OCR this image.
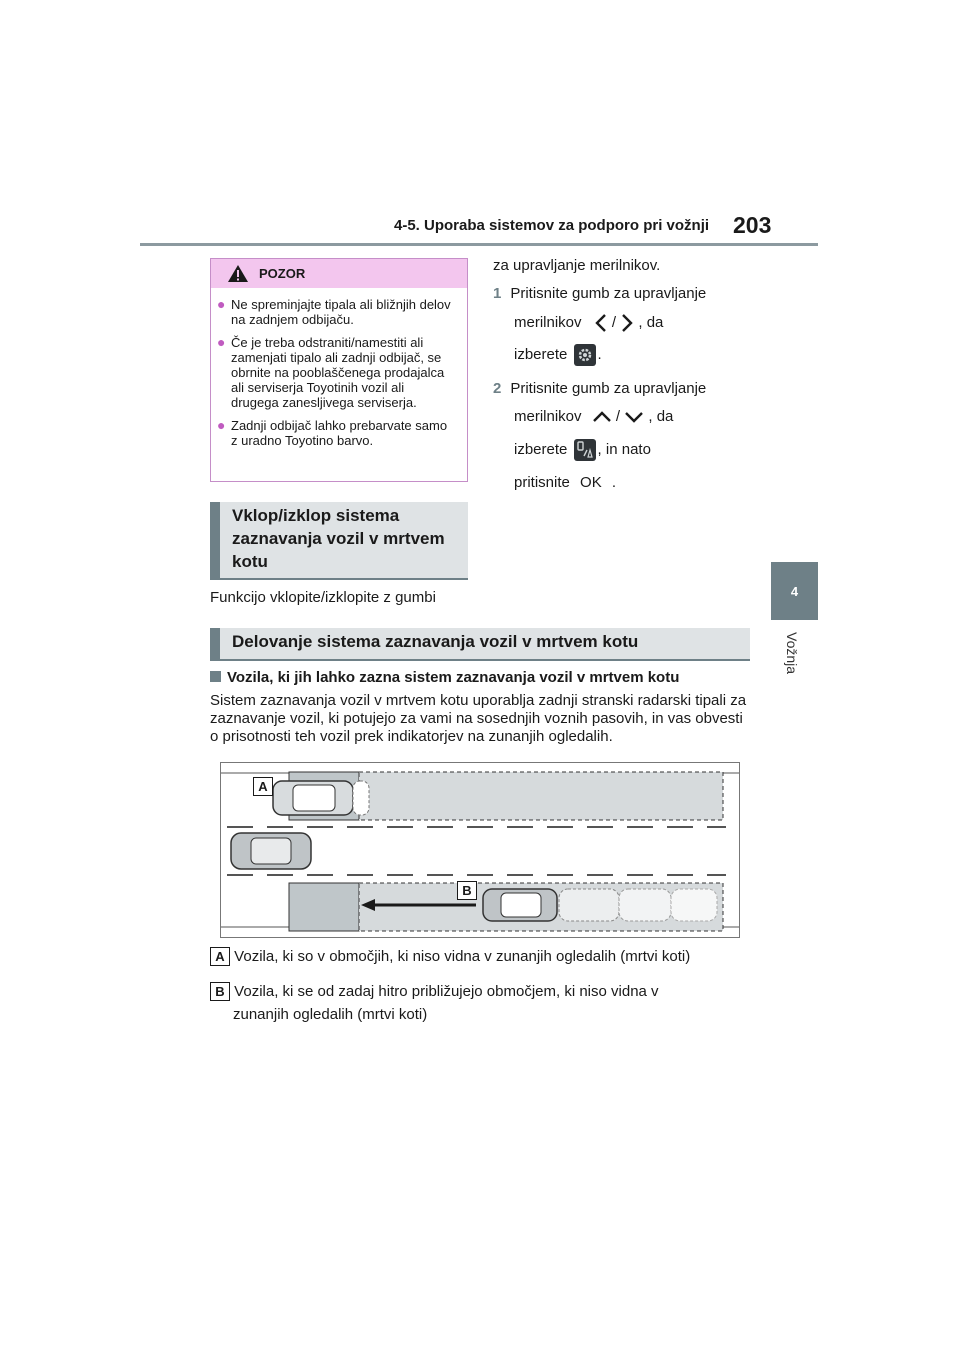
4-5. Uporaba sistemov za podporo pri vožnji 203
4
Vožnja
POZOR
● Ne spreminjajte tipala ali bližnjih delov na zadnjem odbijaču.
● Če je treba odstraniti/namestiti ali zamenjati tipalo ali zadnji odbijač, se obrnite na pooblaščenega prodajalca ali serviserja Toyotinih vozil ali drugega zanesljivega serviserja.
● Zadnji odbijač lahko prebarvate samo z uradno Toyotino barvo.
Vklop/izklop sistema zaznavanja vozil v mrtvem kotu
Funkcijo vklopite/izklopite z gumbi
za upravljanje merilnikov.
1 Pritisnite gumb za upravljanje
merilnikov / , da
izberete .
2 Pritisnite gumb za upravljanje
merilnikov / , da
izberete , in nato
pritisnite OK .
Delovanje sistema zaznavanja vozil v mrtvem kotu
Vozila, ki jih lahko zazna sistem zaznavanja vozil v mrtvem kotu
Sistem zaznavanja vozil v mrtvem kotu uporablja zadnji stranski radarski tipali za zaznavanje vozil, ki potujejo za vami na sosednjih voznih pasovih, in vas obvesti o prisotnosti teh vozil prek indikatorjev na zunanjih ogledalih.
A
B
A Vozila, ki so v območjih, ki niso vidna v zunanjih ogledalih (mrtvi koti)
B Vozila, ki se od zadaj hitro približujejo območjem, ki niso vidna v
zunanjih ogledalih (mrtvi koti)
